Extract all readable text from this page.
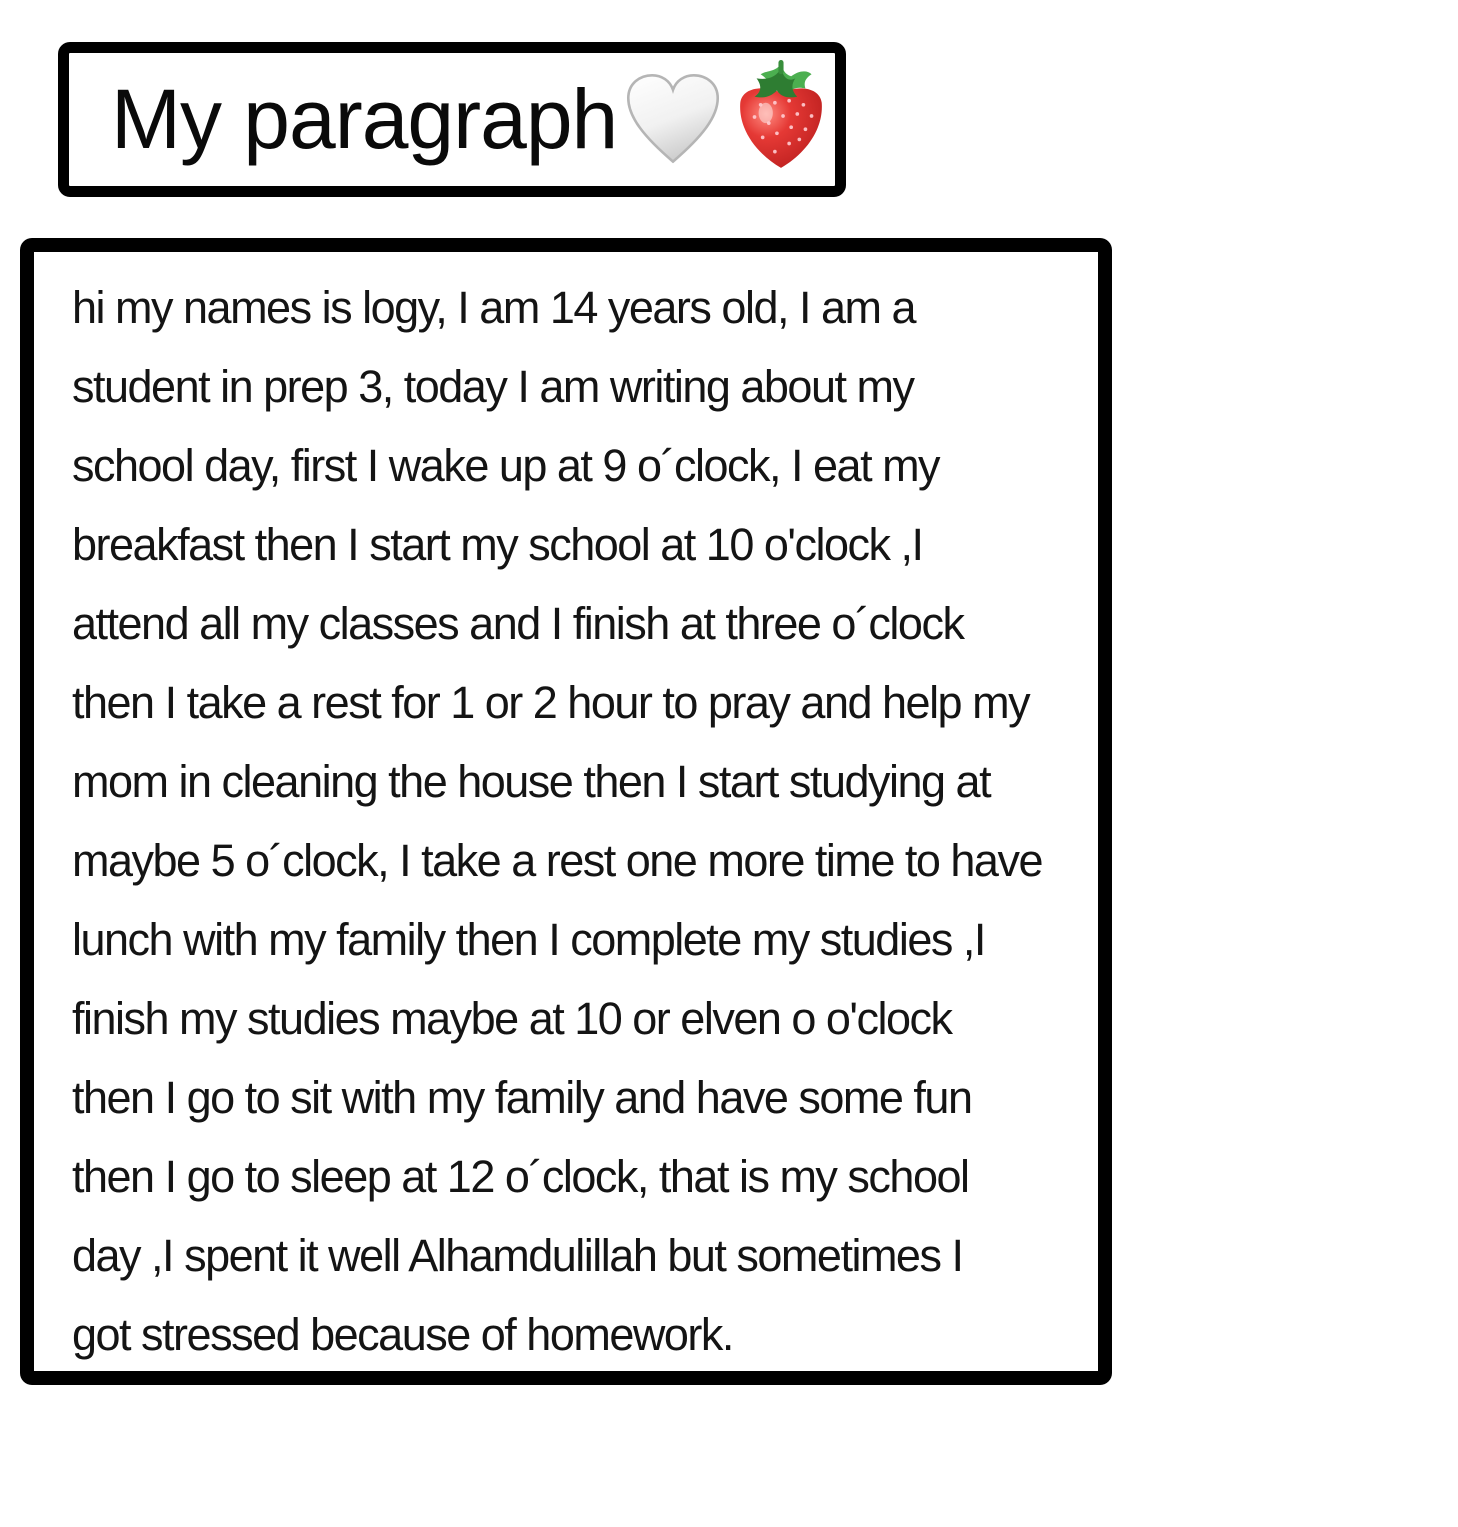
My paragraph
hi my names is logy, I am 14 years old, I am a
student in prep 3, today I am writing about my
school day, first I wake up at 9 o´clock, I eat my
breakfast then I start my school at 10 o'clock ,I
attend all my classes and I finish at three o´clock
then I take a rest for 1 or 2 hour to pray and help my
mom in cleaning the house then I start studying at
maybe 5 o´clock, I take a rest one more time to have
lunch with my family then I complete my studies ,I
finish my studies maybe at 10 or elven o o'clock
then I go to sit with my family and have some fun
then I go to sleep at 12 o´clock, that is my school
day ,I spent it well Alhamdulillah but sometimes I
got stressed because of homework.
